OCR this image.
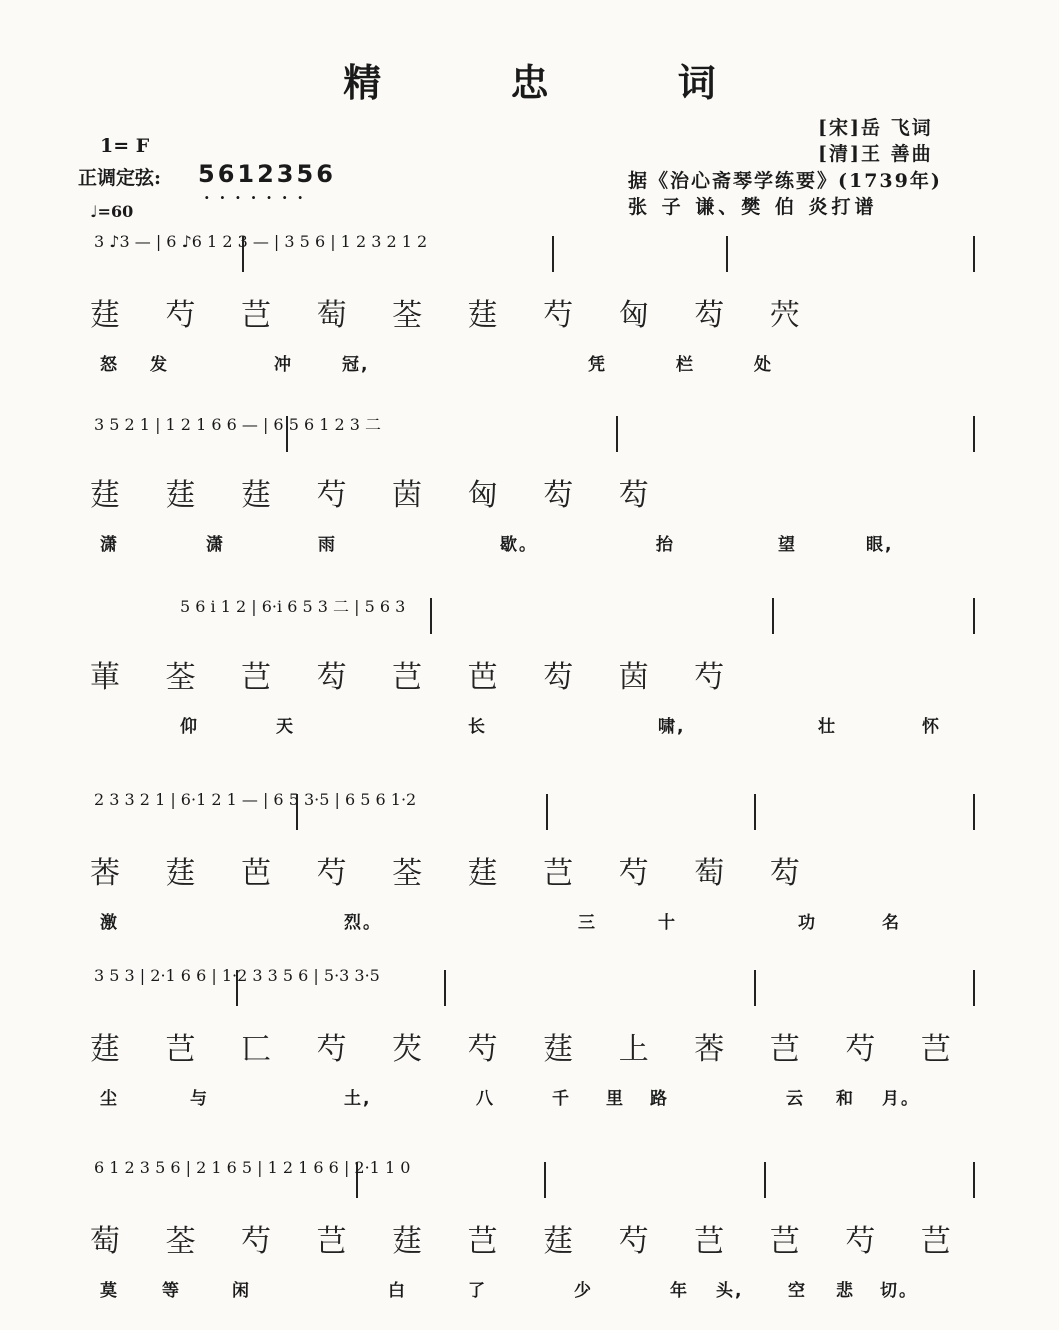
精 忠 词
1= F
正调定弦: 5612356
·······
♩=60
[宋]岳 飞词
[清]王 善曲
据《治心斋琴学练要》(1739年)
张 子 谦、樊 伯 炎打谱
3 ♪3 — | 6 ♪6 1 2 3 — | 3 5 6 | 1 2 3 2 1 2
莛 芍 芑 萄 荃 莛 芍 匈 芶 茓
怒 发	冲	冠,	凭	栏	处
3 5 2 1 | 1 2 1 6 6 — | 6 5 6 1 2 3 二
莛 莛 莛 芍 茵 匈 芶 芶
潇	潇	雨	歇。	抬	望	眼,
5 6 i 1 2 | 6·i 6 5 3 二 | 5 6 3
莗 荃 芑 芶 芑 芭 芶 茵 芍
仰	天	长	啸,	壮	怀
2 3 3 2 1 | 6·1 2 1 — | 6 5 3·5 | 6 5 6 1·2
莕 莛 芭 芍 荃 莛 芑 芍 萄 芶
激	烈。	三	十	功	名
3 5 3 | 2·1 6 6 | 1·2 3 3 5 6 | 5·3 3·5
莛 芑 匸 芍 芡 芍 莛 上 莕 芑 芍 芑
尘	与	土,	八	千 里 路	云 和 月。
6 1 2 3 5 6 | 2 1 6 5 | 1 2 1 6 6 | 2·1 1 0
萄 荃 芍 芑 莛 芑 莛 芍 芑 芑 芍 芑
莫	等	闲	白	了	少	年 头,	空 悲 切。
